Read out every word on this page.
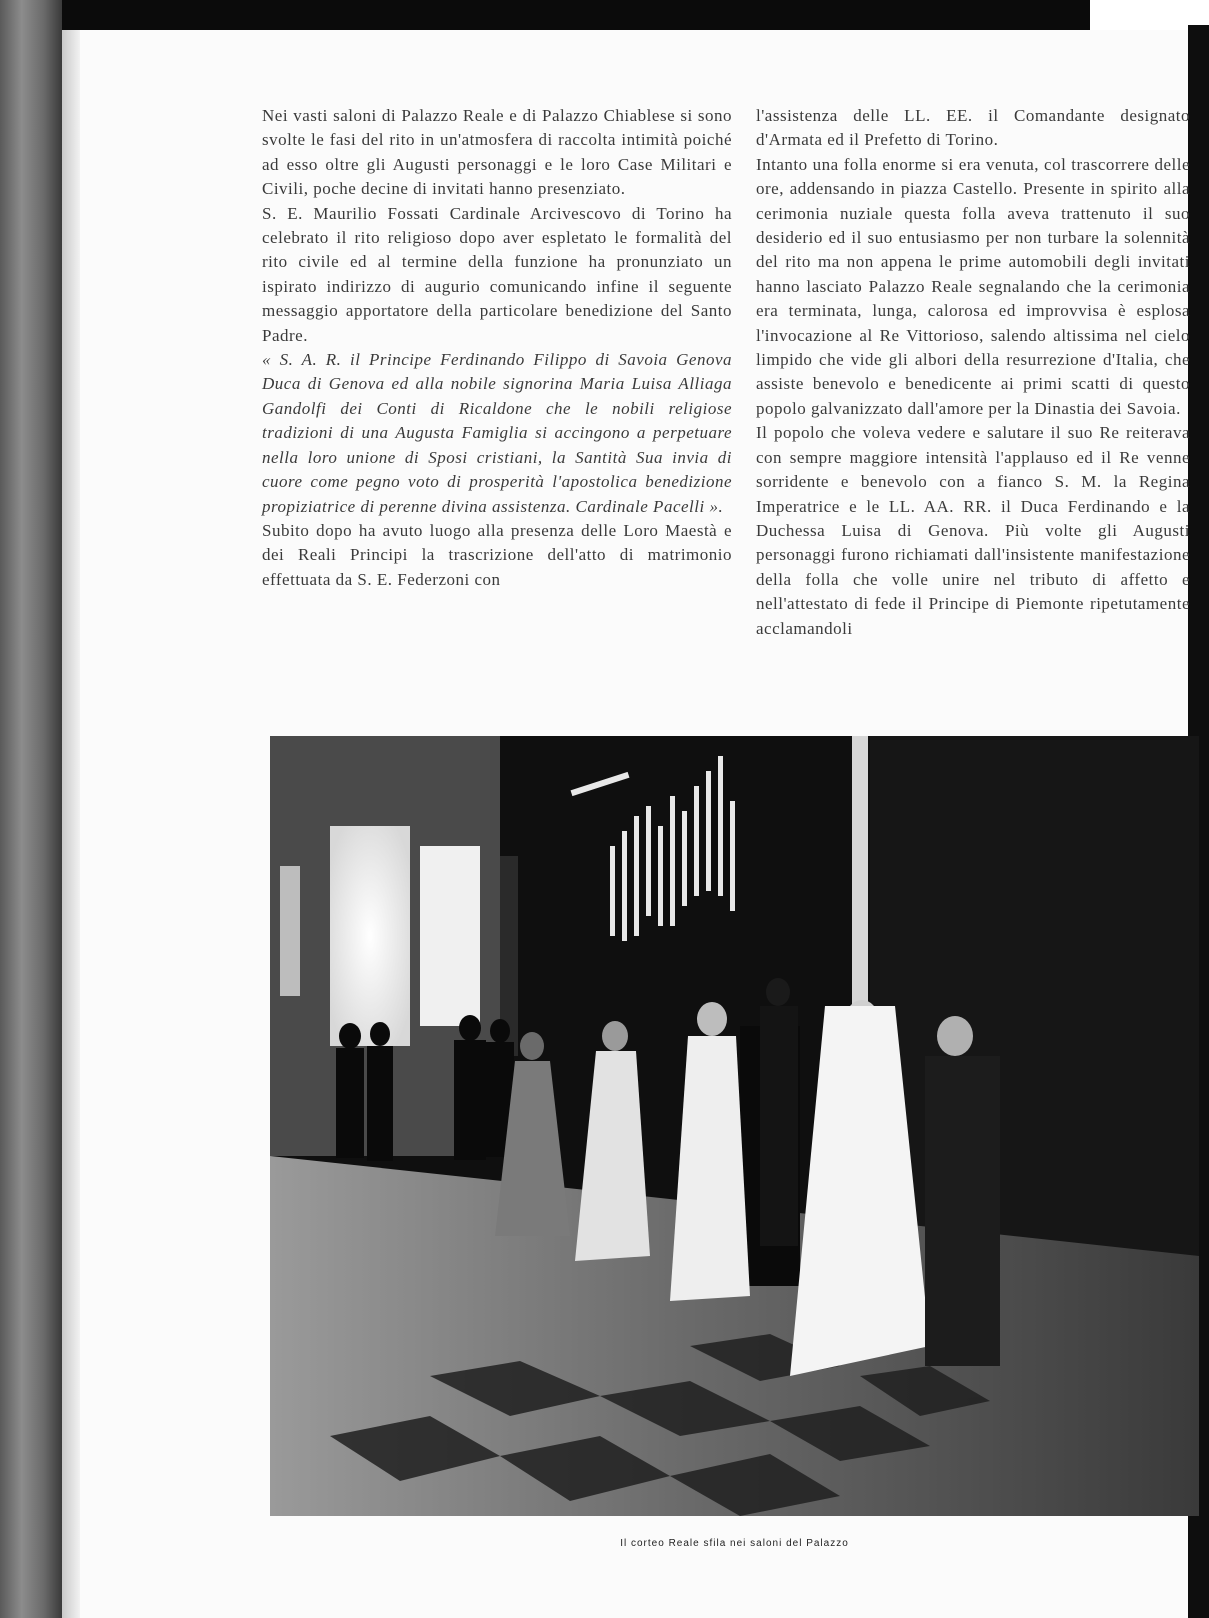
Nei vasti saloni di Palazzo Reale e di Palazzo Chiablese si sono svolte le fasi del rito in un'atmosfera di raccolta intimità poiché ad esso oltre gli Augusti personaggi e le loro Case Militari e Civili, poche decine di invitati hanno presenziato.

S. E. Maurilio Fossati Cardinale Arcivescovo di Torino ha celebrato il rito religioso dopo aver espletato le formalità del rito civile ed al termine della funzione ha pronunziato un ispirato indirizzo di augurio comunicando infine il seguente messaggio apportatore della particolare benedizione del Santo Padre.

« S. A. R. il Principe Ferdinando Filippo di Savoia Genova Duca di Genova ed alla nobile signorina Maria Luisa Alliaga Gandolfi dei Conti di Ricaldone che le nobili religiose tradizioni di una Augusta Famiglia si accingono a perpetuare nella loro unione di Sposi cristiani, la Santità Sua invia di cuore come pegno voto di prosperità l'apostolica benedizione propiziatrice di perenne divina assistenza. Cardinale Pacelli ».

Subito dopo ha avuto luogo alla presenza delle Loro Maestà e dei Reali Principi la trascrizione dell'atto di matrimonio effettuata da S. E. Federzoni con

l'assistenza delle LL. EE. il Comandante designato d'Armata ed il Prefetto di Torino.

Intanto una folla enorme si era venuta, col trascorrere delle ore, addensando in piazza Castello. Presente in spirito alla cerimonia nuziale questa folla aveva trattenuto il suo desiderio ed il suo entusiasmo per non turbare la solennità del rito ma non appena le prime automobili degli invitati hanno lasciato Palazzo Reale segnalando che la cerimonia era terminata, lunga, calorosa ed improvvisa è esplosa l'invocazione al Re Vittorioso, salendo altissima nel cielo limpido che vide gli albori della resurrezione d'Italia, che assiste benevolo e benedicente ai primi scatti di questo popolo galvanizzato dall'amore per la Dinastia dei Savoia.

Il popolo che voleva vedere e salutare il suo Re reiterava con sempre maggiore intensità l'applauso ed il Re venne sorridente e benevolo con a fianco S. M. la Regina Imperatrice e le LL. AA. RR. il Duca Ferdinando e la Duchessa Luisa di Genova. Più volte gli Augusti personaggi furono richiamati dall'insistente manifestazione della folla che volle unire nel tributo di affetto e nell'attestato di fede il Principe di Piemonte ripetutamente acclamandoli

Il corteo Reale sfila nei saloni del Palazzo
